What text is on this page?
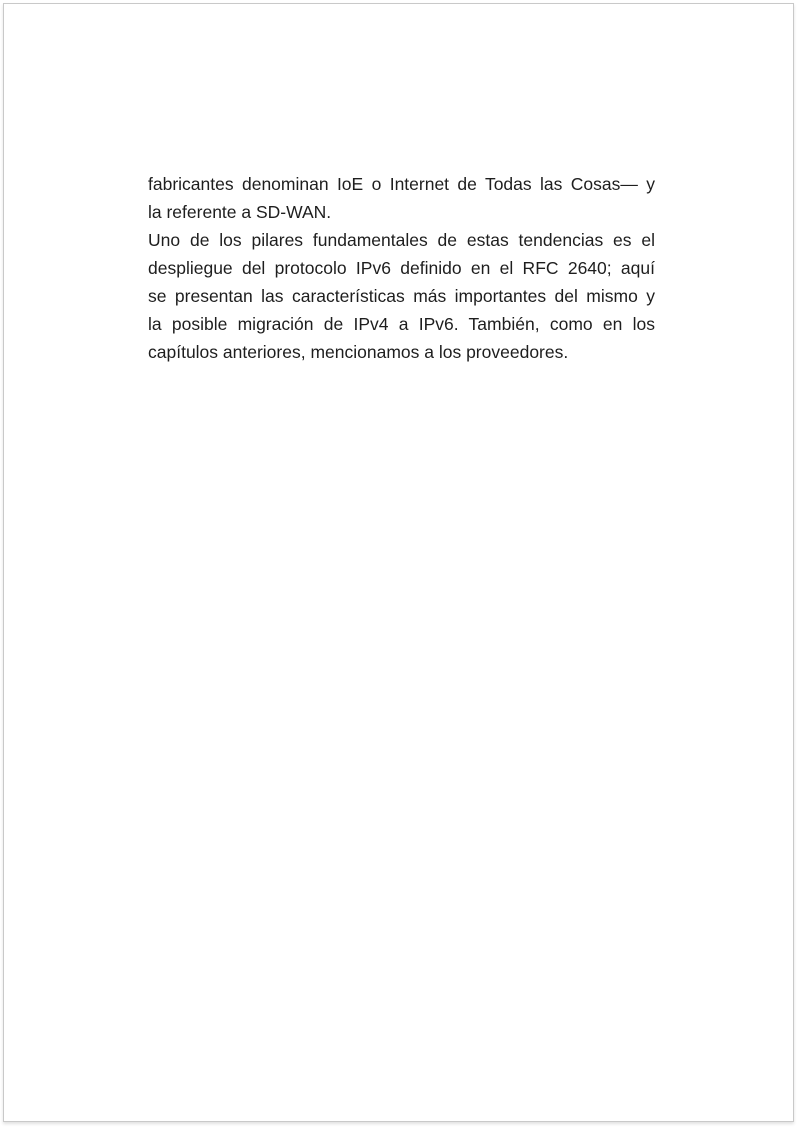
fabricantes denominan IoE o Internet de Todas las Cosas— y
la referente a SD-WAN.
Uno de los pilares fundamentales de estas tendencias es el
despliegue del protocolo IPv6 definido en el RFC 2640; aquí
se presentan las características más importantes del mismo y
la posible migración de IPv4 a IPv6. También, como en los
capítulos anteriores, mencionamos a los proveedores.
